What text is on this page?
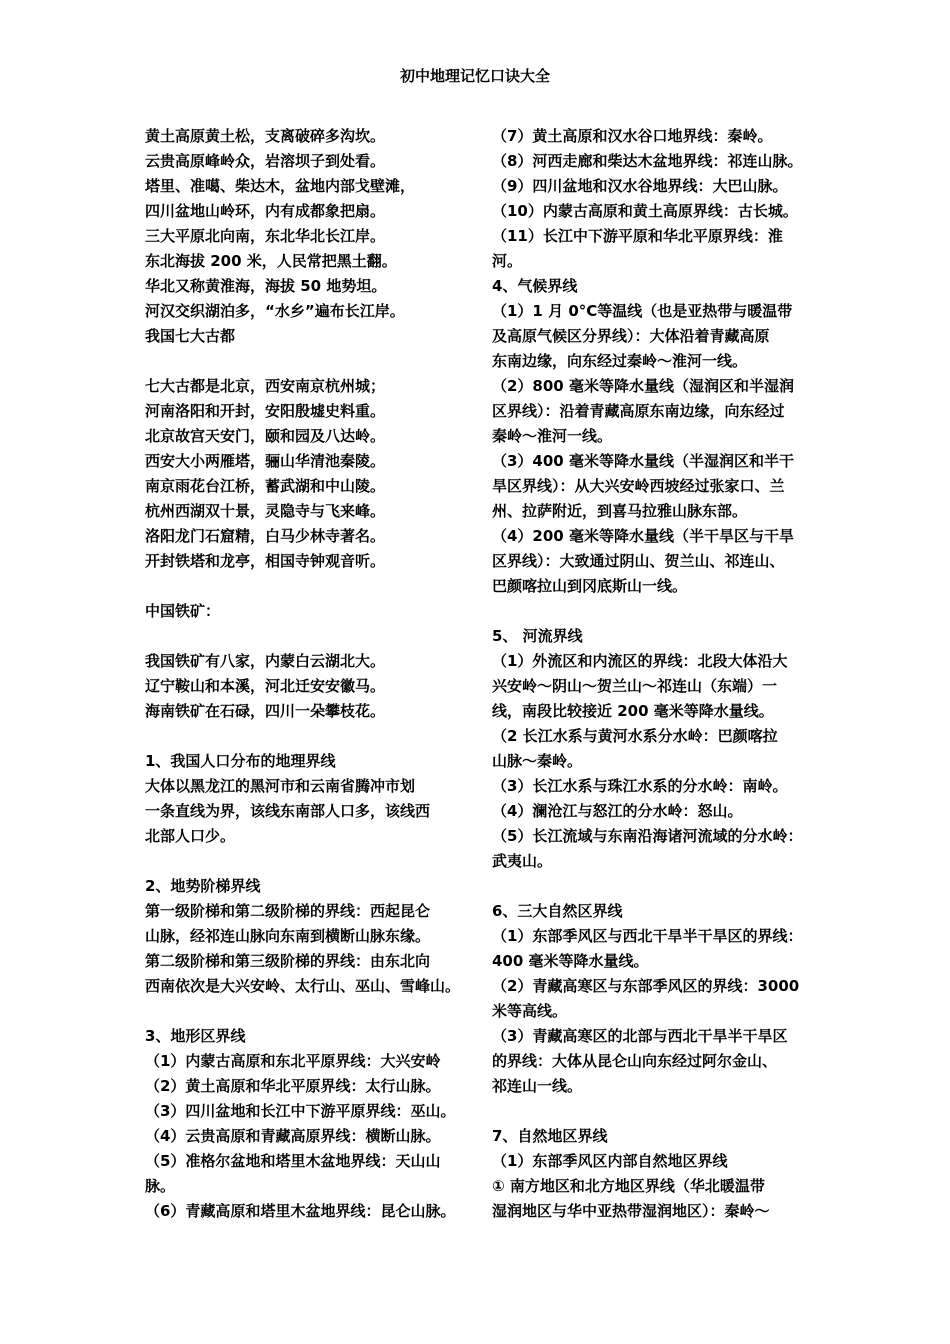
初中地理记忆口诀大全
黄土高原黄土松，支离破碎多沟坎。
云贵高原峰岭众，岩溶坝子到处看。
塔里、准噶、柴达木，盆地内部戈壁滩，
四川盆地山岭环，内有成都象把扇。
三大平原北向南，东北华北长江岸。
东北海拔 200 米，人民常把黑土翻。
华北又称黄淮海，海拔 50 地势坦。
河汉交织湖泊多，“水乡”遍布长江岸。
我国七大古都
七大古都是北京，西安南京杭州城；
河南洛阳和开封，安阳殷墟史料重。
北京故宫天安门，颐和园及八达岭。
西安大小两雁塔，骊山华清池秦陵。
南京雨花台江桥，蓄武湖和中山陵。
杭州西湖双十景，灵隐寺与飞来峰。
洛阳龙门石窟精，白马少林寺著名。
开封铁塔和龙亭，相国寺钟观音听。
中国铁矿：
我国铁矿有八家，内蒙白云湖北大。
辽宁鞍山和本溪，河北迁安安徽马。
海南铁矿在石碌，四川一朵攀枝花。
1、我国人口分布的地理界线
大体以黑龙江的黑河市和云南省腾冲市划
一条直线为界，该线东南部人口多，该线西
北部人口少。
2、地势阶梯界线
第一级阶梯和第二级阶梯的界线：西起昆仑
山脉，经祁连山脉向东南到横断山脉东缘。
第二级阶梯和第三级阶梯的界线：由东北向
西南依次是大兴安岭、太行山、巫山、雪峰山。
3、地形区界线
（1）内蒙古高原和东北平原界线：大兴安岭
（2）黄土高原和华北平原界线：太行山脉。
（3）四川盆地和长江中下游平原界线：巫山。
（4）云贵高原和青藏高原界线：横断山脉。
（5）准格尔盆地和塔里木盆地界线：天山山
脉。
（6）青藏高原和塔里木盆地界线：昆仑山脉。
（7）黄土高原和汉水谷口地界线：秦岭。
（8）河西走廊和柴达木盆地界线：祁连山脉。
（9）四川盆地和汉水谷地界线：大巴山脉。
（10）内蒙古高原和黄土高原界线：古长城。
（11）长江中下游平原和华北平原界线：淮
河。
4、气候界线
（1）1 月 0°C等温线（也是亚热带与暖温带
及高原气候区分界线）：大体沿着青藏高原
东南边缘，向东经过秦岭～淮河一线。
（2）800 毫米等降水量线（湿润区和半湿润
区界线）：沿着青藏高原东南边缘，向东经过
秦岭～淮河一线。
（3）400 毫米等降水量线（半湿润区和半干
旱区界线）：从大兴安岭西坡经过张家口、兰
州、拉萨附近，到喜马拉雅山脉东部。
（4）200 毫米等降水量线（半干旱区与干旱
区界线）：大致通过阴山、贺兰山、祁连山、
巴颜喀拉山到冈底斯山一线。
5、 河流界线
（1）外流区和内流区的界线：北段大体沿大
兴安岭～阴山～贺兰山～祁连山（东端）一
线，南段比较接近 200 毫米等降水量线。
（2 长江水系与黄河水系分水岭：巴颜喀拉
山脉～秦岭。
（3）长江水系与珠江水系的分水岭：南岭。
（4）澜沧江与怒江的分水岭：怒山。
（5）长江流域与东南沿海诸河流域的分水岭：
武夷山。
6、三大自然区界线
（1）东部季风区与西北干旱半干旱区的界线：
400 毫米等降水量线。
（2）青藏高寒区与东部季风区的界线：3000
米等高线。
（3）青藏高寒区的北部与西北干旱半干旱区
的界线：大体从昆仑山向东经过阿尔金山、
祁连山一线。
7、自然地区界线
（1）东部季风区内部自然地区界线
① 南方地区和北方地区界线（华北暖温带
湿润地区与华中亚热带湿润地区）：秦岭～
